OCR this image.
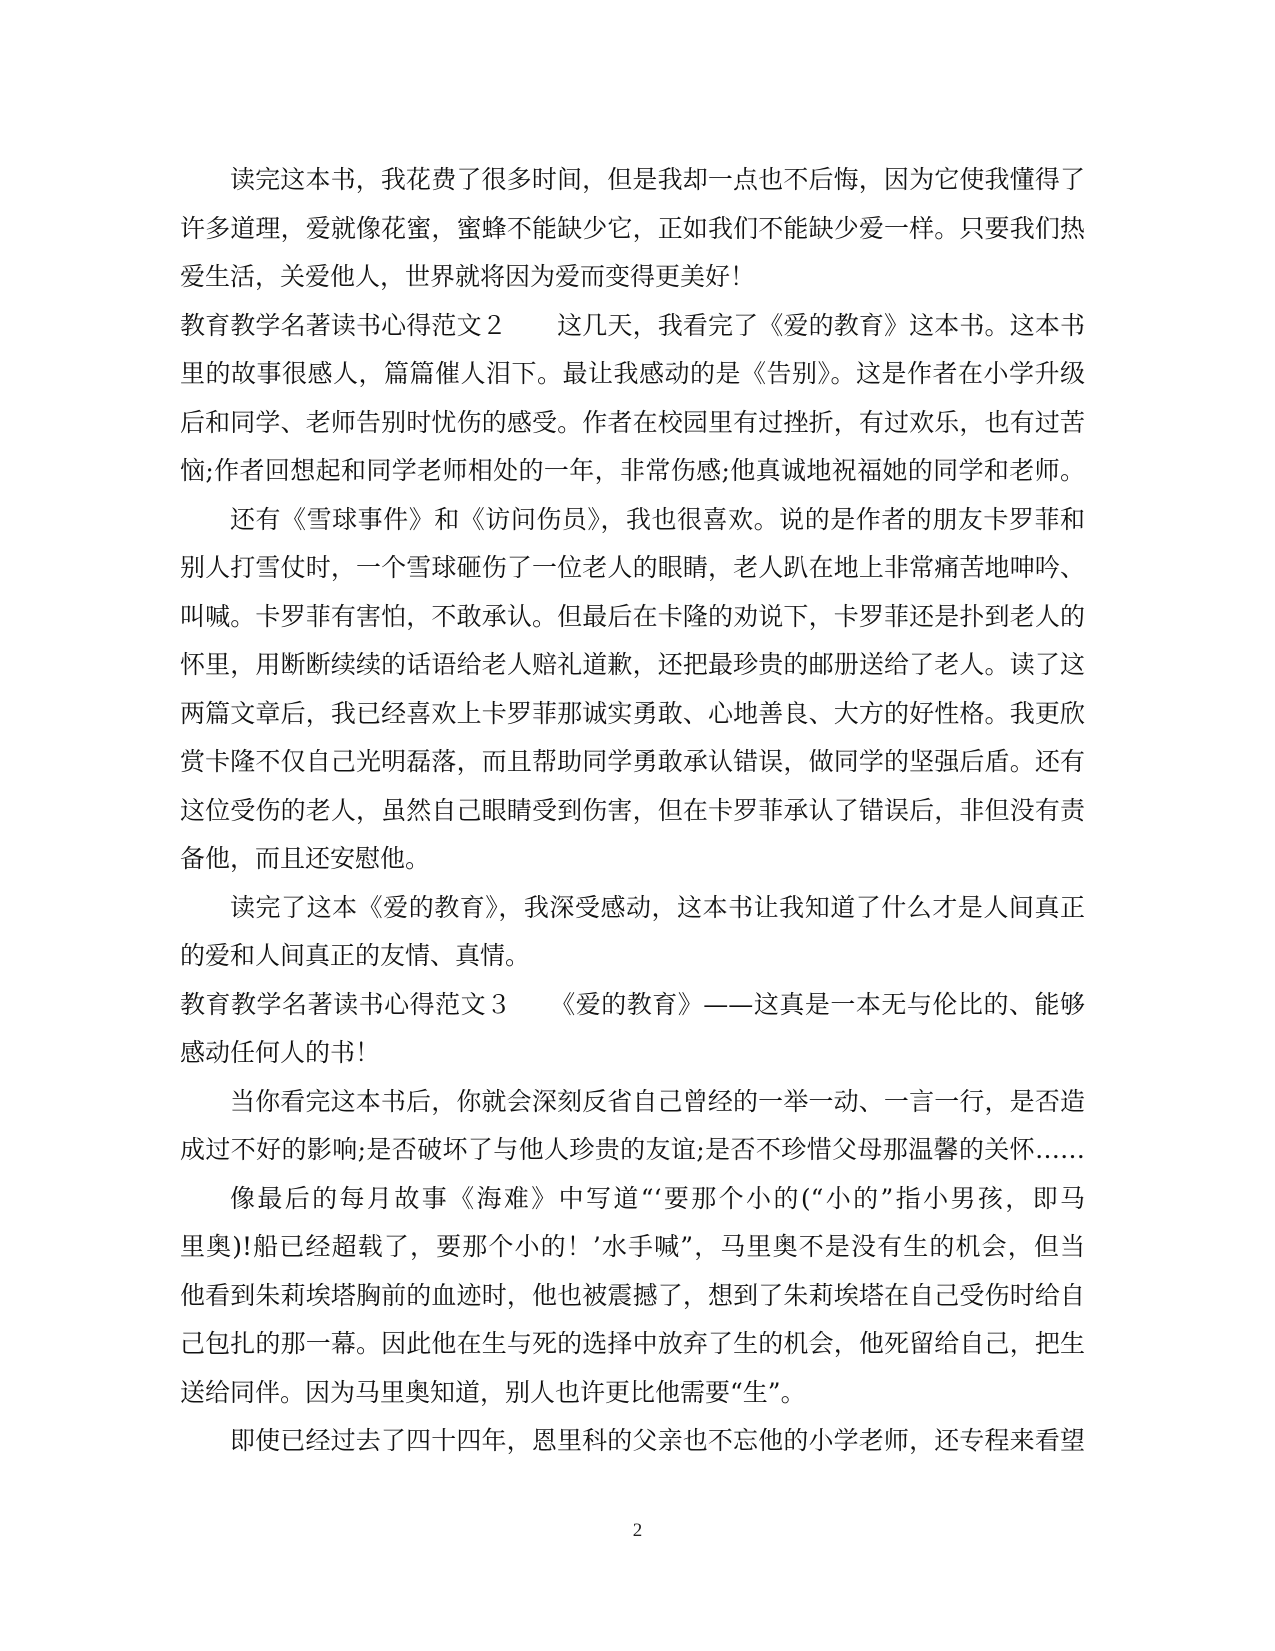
读完这本书，我花费了很多时间，但是我却一点也不后悔，因为它使我懂得了
许多道理，爱就像花蜜，蜜蜂不能缺少它，正如我们不能缺少爱一样。只要我们热
爱生活，关爱他人，世界就将因为爱而变得更美好！
教育教学名著读书心得范文２　　这几天，我看完了《爱的教育》这本书。这本书
里的故事很感人，篇篇催人泪下。最让我感动的是《告别》。这是作者在小学升级
后和同学、老师告别时忧伤的感受。作者在校园里有过挫折，有过欢乐，也有过苦
恼;作者回想起和同学老师相处的一年，非常伤感;他真诚地祝福她的同学和老师。
还有《雪球事件》和《访问伤员》，我也很喜欢。说的是作者的朋友卡罗菲和
别人打雪仗时，一个雪球砸伤了一位老人的眼睛，老人趴在地上非常痛苦地呻吟、
叫喊。卡罗菲有害怕，不敢承认。但最后在卡隆的劝说下，卡罗菲还是扑到老人的
怀里，用断断续续的话语给老人赔礼道歉，还把最珍贵的邮册送给了老人。读了这
两篇文章后，我已经喜欢上卡罗菲那诚实勇敢、心地善良、大方的好性格。我更欣
赏卡隆不仅自己光明磊落，而且帮助同学勇敢承认错误，做同学的坚强后盾。还有
这位受伤的老人，虽然自己眼睛受到伤害，但在卡罗菲承认了错误后，非但没有责
备他，而且还安慰他。
读完了这本《爱的教育》，我深受感动，这本书让我知道了什么才是人间真正
的爱和人间真正的友情、真情。
教育教学名著读书心得范文３　　《爱的教育》——这真是一本无与伦比的、能够
感动任何人的书！
当你看完这本书后，你就会深刻反省自己曾经的一举一动、一言一行，是否造
成过不好的影响;是否破坏了与他人珍贵的友谊;是否不珍惜父母那温馨的关怀……
像最后的每月故事《海难》中写道“‘要那个小的(“小的”指小男孩，即马
里奥)!船已经超载了，要那个小的！’水手喊”，马里奥不是没有生的机会，但当
他看到朱莉埃塔胸前的血迹时，他也被震撼了，想到了朱莉埃塔在自己受伤时给自
己包扎的那一幕。因此他在生与死的选择中放弃了生的机会，他死留给自己，把生
送给同伴。因为马里奥知道，别人也许更比他需要“生”。
即使已经过去了四十四年，恩里科的父亲也不忘他的小学老师，还专程来看望
2
